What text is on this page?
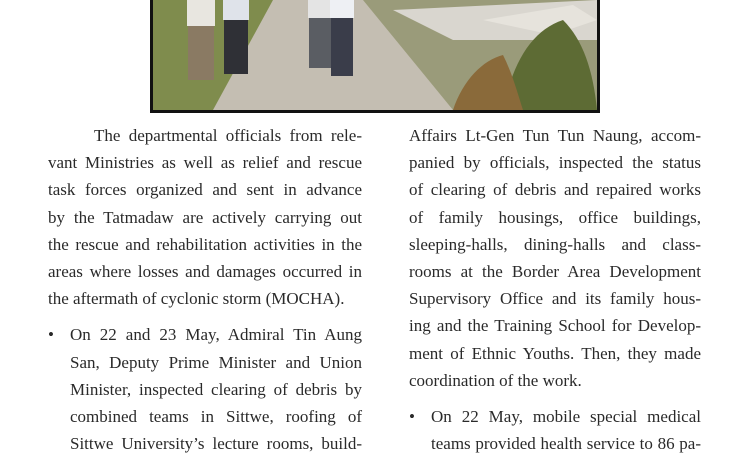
The departmental officials from rele-
vant Ministries as well as relief and rescue
task forces organized and sent in advance
by the Tatmadaw are actively carrying out
the rescue and rehabilitation activities in the
areas where losses and damages occurred in
the aftermath of cyclonic storm (MOCHA).
• On 22 and 23 May, Admiral Tin Aung
San, Deputy Prime Minister and Union
Minister, inspected clearing of debris by
combined teams in Sittwe, roofing of
Sittwe University’s lecture rooms, build-
Affairs Lt-Gen Tun Tun Naung, accom-
panied by officials, inspected the status
of clearing of debris and repaired works
of family housings, office buildings,
sleeping-halls, dining-halls and class-
rooms at the Border Area Development
Supervisory Office and its family hous-
ing and the Training School for Develop-
ment of Ethnic Youths. Then, they made
coordination of the work.
• On 22 May, mobile special medical
teams provided health service to 86 pa-
